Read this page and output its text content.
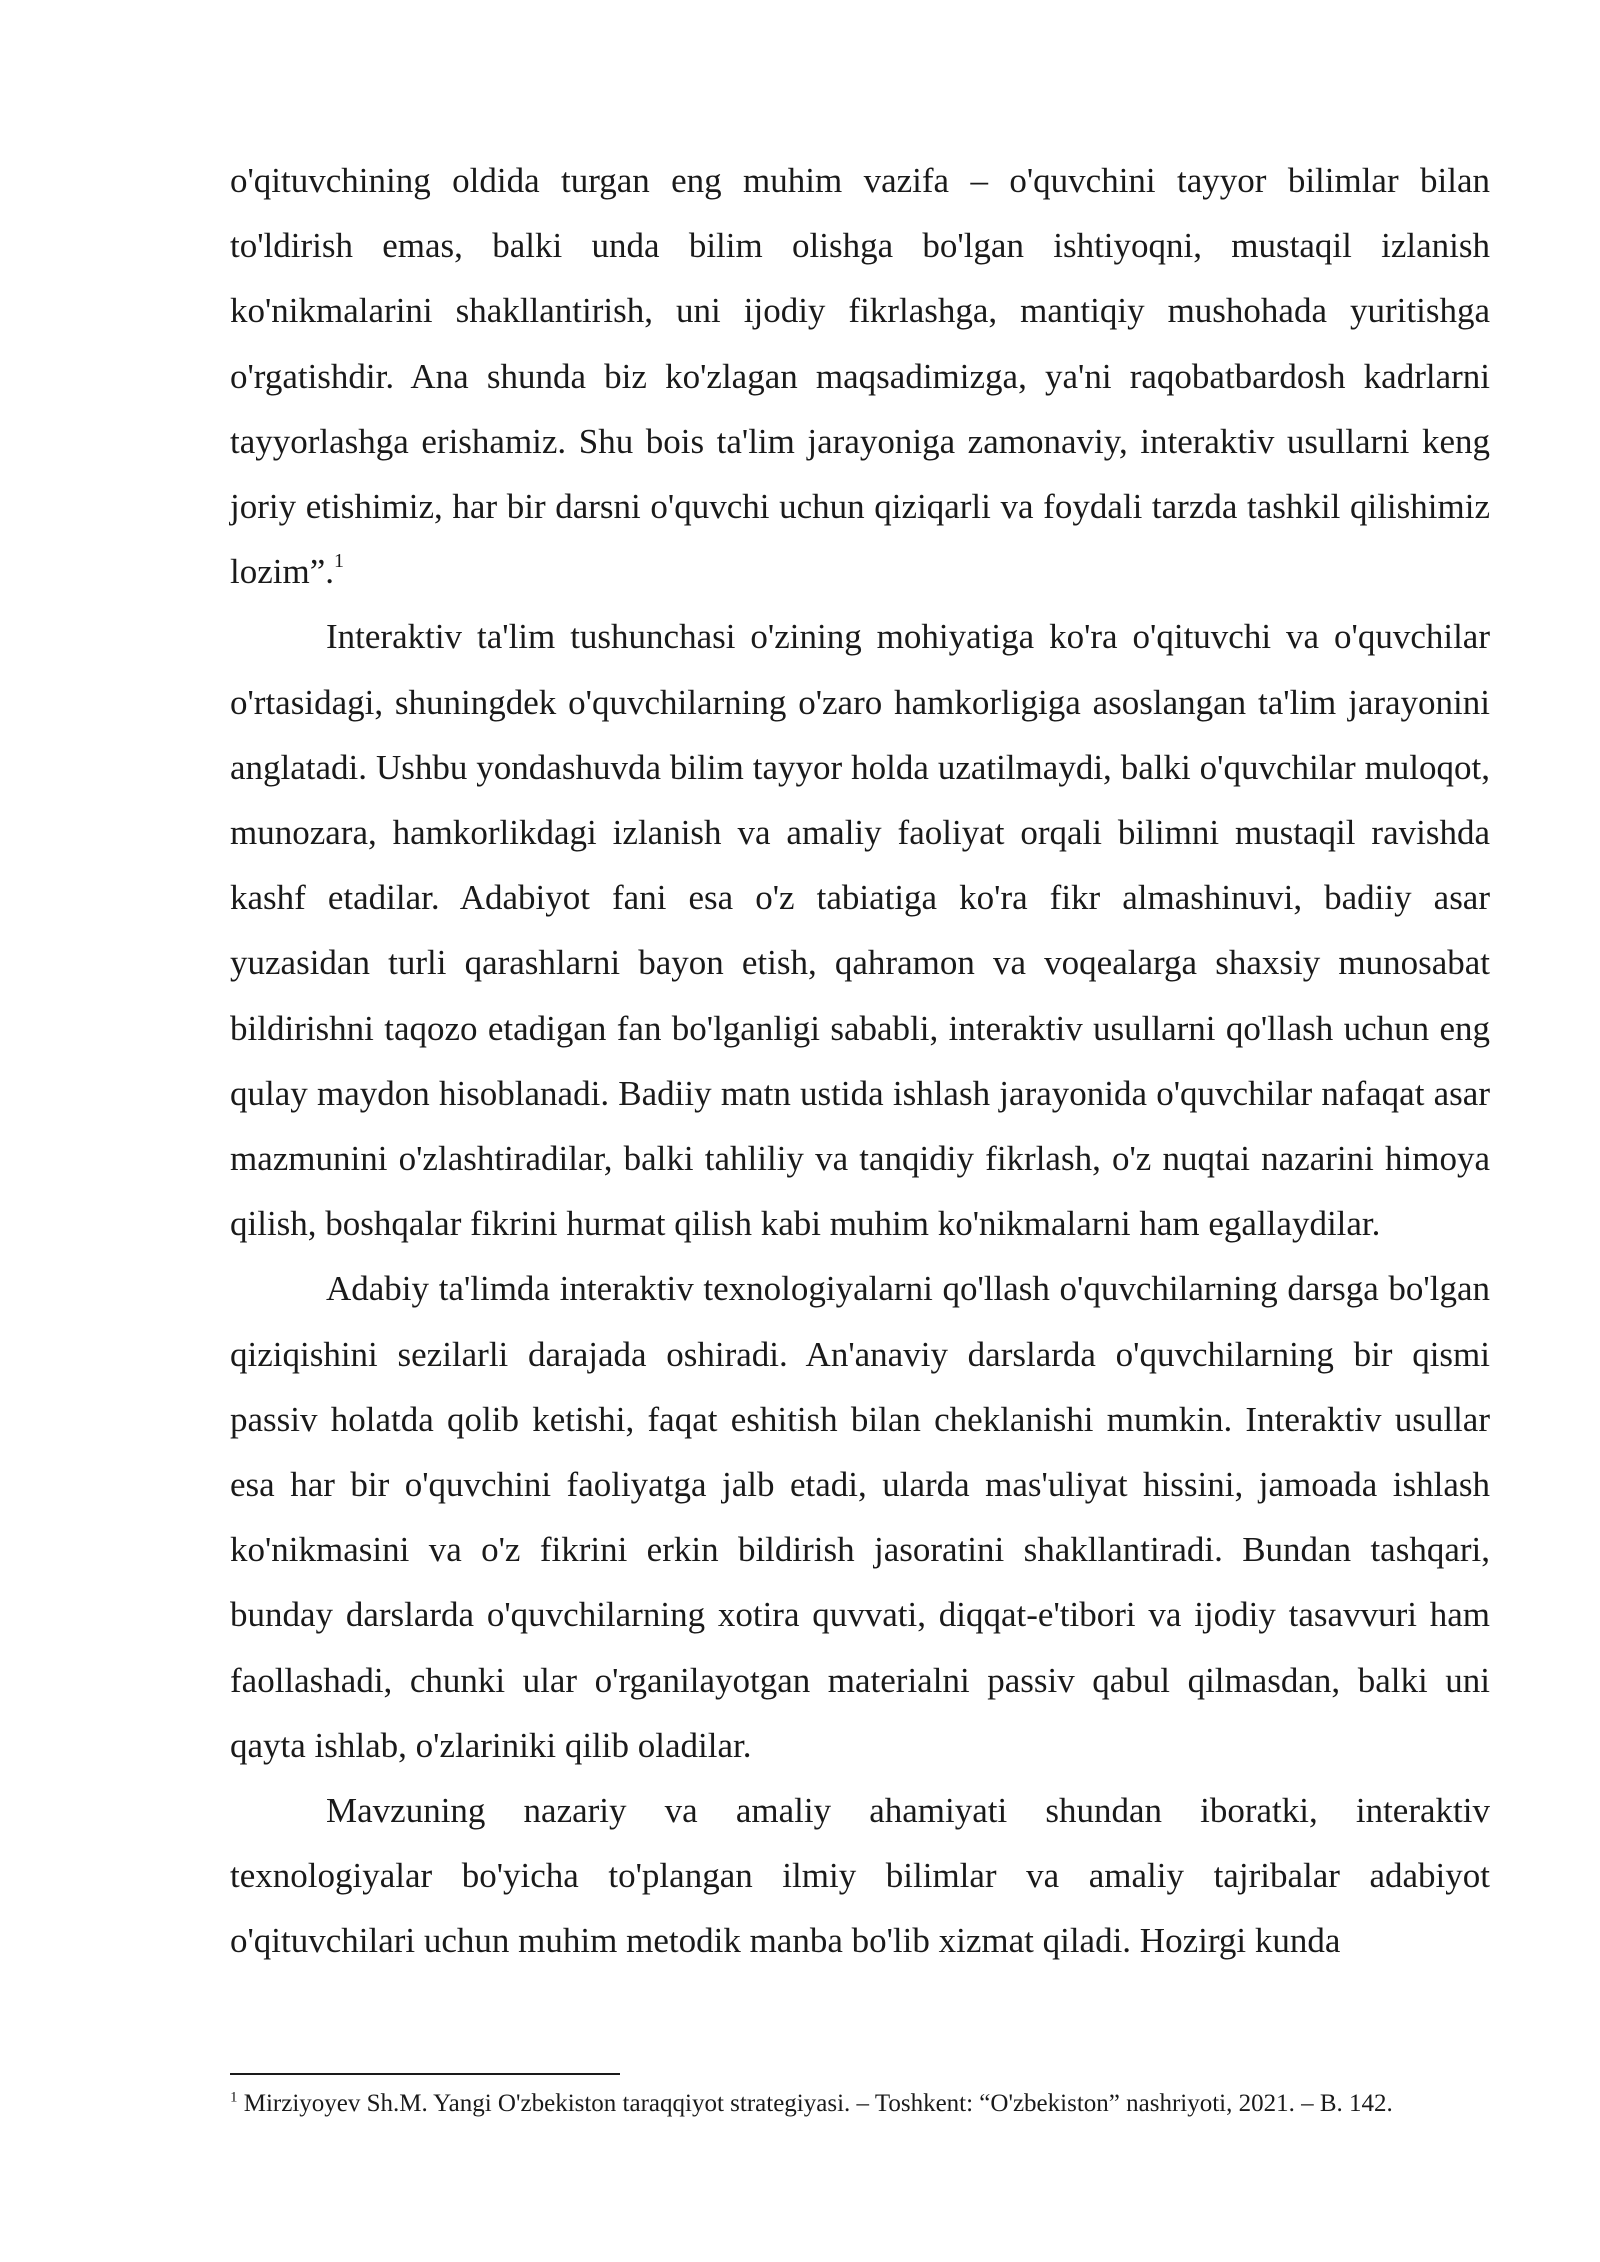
o'qituvchining oldida turgan eng muhim vazifa – o'quvchini tayyor bilimlar bilan to'ldirish emas, balki unda bilim olishga bo'lgan ishtiyoqni, mustaqil izlanish ko'nikmalarini shakllantirish, uni ijodiy fikrlashga, mantiqiy mushohada yuritishga o'rgatishdir. Ana shunda biz ko'zlagan maqsadimizga, ya'ni raqobatbardosh kadrlarni tayyorlashga erishamiz. Shu bois ta'lim jarayoniga zamonaviy, interaktiv usullarni keng joriy etishimiz, har bir darsni o'quvchi uchun qiziqarli va foydali tarzda tashkil qilishimiz lozim”.$^1$

Interaktiv ta'lim tushunchasi o'zining mohiyatiga ko'ra o'qituvchi va o'quvchilar o'rtasidagi, shuningdek o'quvchilarning o'zaro hamkorligiga asoslangan ta'lim jarayonini anglatadi. Ushbu yondashuvda bilim tayyor holda uzatilmaydi, balki o'quvchilar muloqot, munozara, hamkorlikdagi izlanish va amaliy faoliyat orqali bilimni mustaqil ravishda kashf etadilar. Adabiyot fani esa o'z tabiatiga ko'ra fikr almashinuvi, badiiy asar yuzasidan turli qarashlarni bayon etish, qahramon va voqealarga shaxsiy munosabat bildirishni taqozo etadigan fan bo'lganligi sababli, interaktiv usullarni qo'llash uchun eng qulay maydon hisoblanadi. Badiiy matn ustida ishlash jarayonida o'quvchilar nafaqat asar mazmunini o'zlashtiradilar, balki tahliliy va tanqidiy fikrlash, o'z nuqtai nazarini himoya qilish, boshqalar fikrini hurmat qilish kabi muhim ko'nikmalarni ham egallaydilar.

Adabiy ta'limda interaktiv texnologiyalarni qo'llash o'quvchilarning darsga bo'lgan qiziqishini sezilarli darajada oshiradi. An'anaviy darslarda o'quvchilarning bir qismi passiv holatda qolib ketishi, faqat eshitish bilan cheklanishi mumkin. Interaktiv usullar esa har bir o'quvchini faoliyatga jalb etadi, ularda mas'uliyat hissini, jamoada ishlash ko'nikmasini va o'z fikrini erkin bildirish jasoratini shakllantiradi. Bundan tashqari, bunday darslarda o'quvchilarning xotira quvvati, diqqat-e'tibori va ijodiy tasavvuri ham faollashadi, chunki ular o'rganilayotgan materialni passiv qabul qilmasdan, balki uni qayta ishlab, o'zlariniki qilib oladilar.

Mavzuning nazariy va amaliy ahamiyati shundan iboratki, interaktiv texnologiyalar bo'yicha to'plangan ilmiy bilimlar va amaliy tajribalar adabiyot o'qituvchilari uchun muhim metodik manba bo'lib xizmat qiladi. Hozirgi kunda

$^1$ Mirziyoyev Sh.M. Yangi O'zbekiston taraqqiyot strategiyasi. – Toshkent: “O'zbekiston” nashriyoti, 2021. – B. 142.
